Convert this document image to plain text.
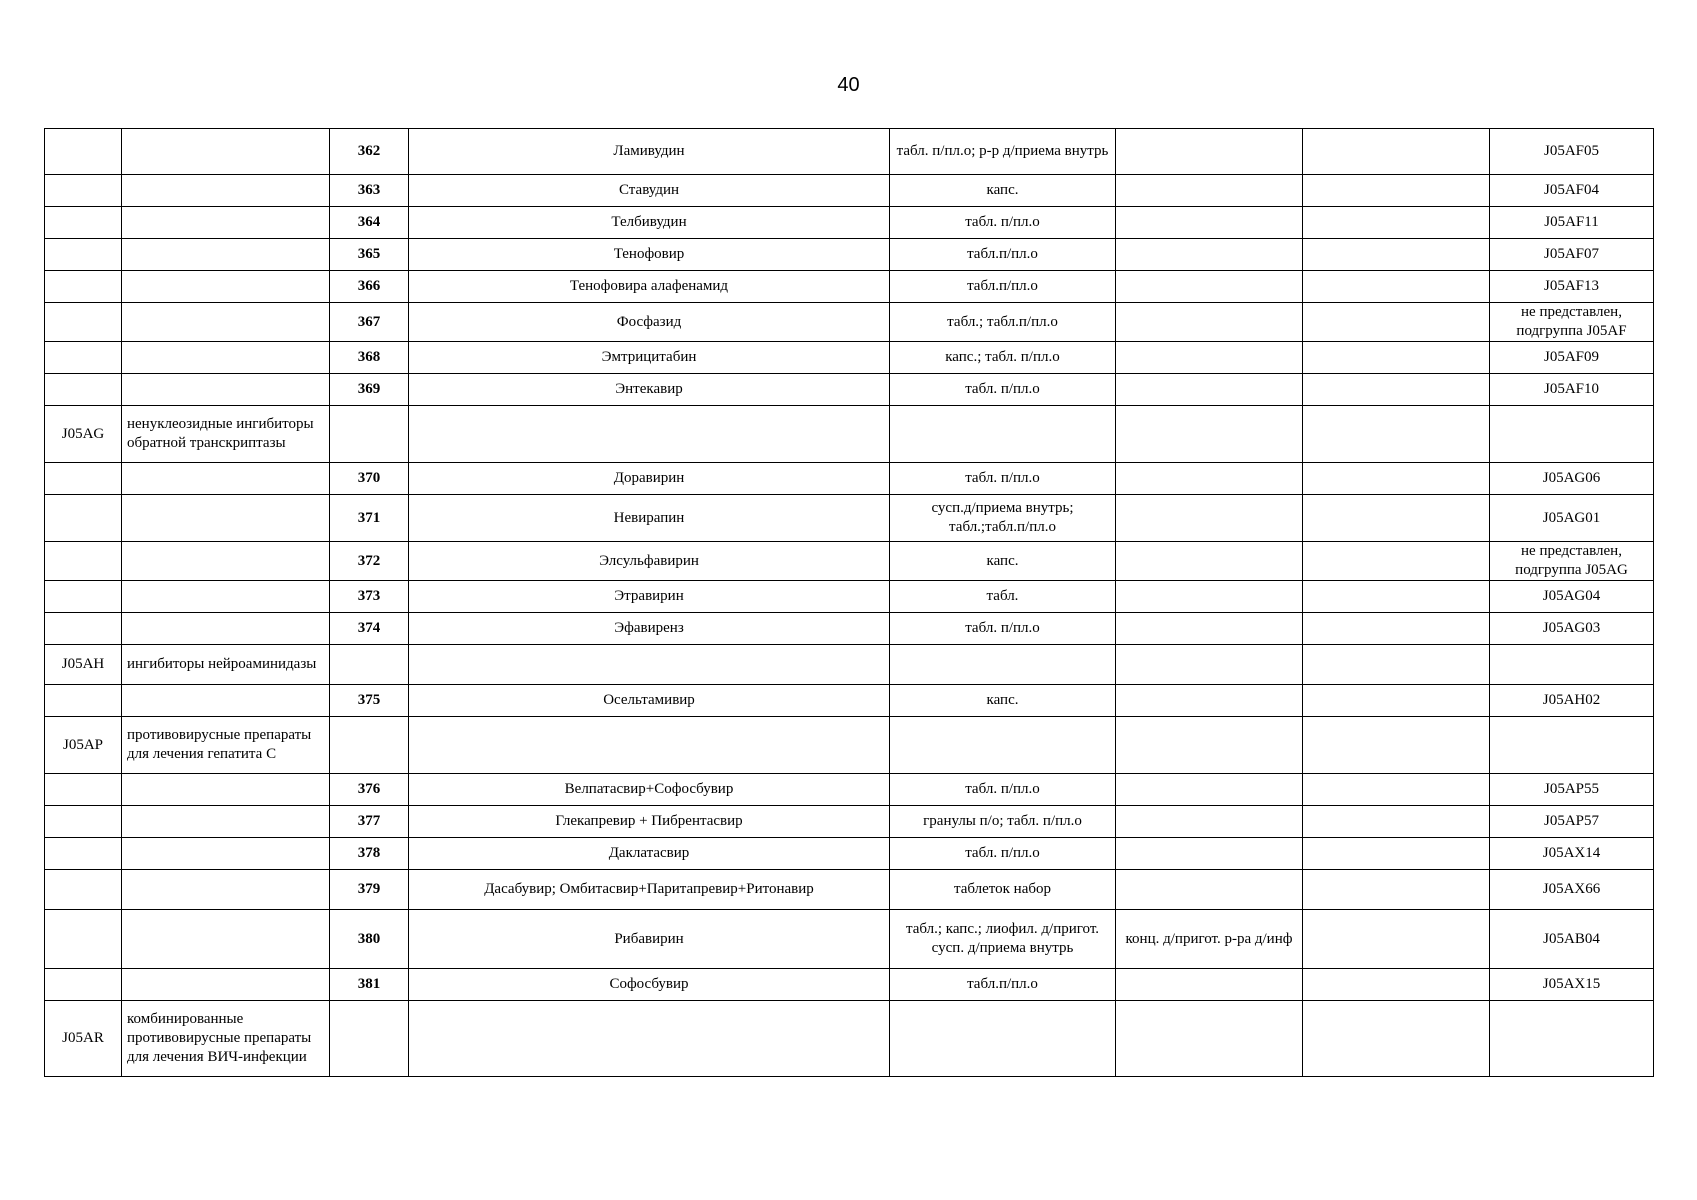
40
		362	Ламивудин	табл. п/пл.о; р-р д/приема внутрь			J05AF05
		363	Ставудин	капс.			J05AF04
		364	Телбивудин	табл. п/пл.о			J05AF11
		365	Тенофовир	табл.п/пл.о			J05AF07
		366	Тенофовира алафенамид	табл.п/пл.о			J05AF13
		367	Фосфазид	табл.; табл.п/пл.о			не представлен, подгруппа J05AF
		368	Эмтрицитабин	капс.; табл. п/пл.о			J05AF09
		369	Энтекавир	табл. п/пл.о			J05AF10
J05AG	ненуклеозидные ингибиторы обратной транскриптазы						
		370	Доравирин	табл. п/пл.о			J05AG06
		371	Невирапин	сусп.д/приема внутрь; табл.;табл.п/пл.о			J05AG01
		372	Элсульфавирин	капс.			не представлен, подгруппа J05AG
		373	Этравирин	табл.			J05AG04
		374	Эфавиренз	табл. п/пл.о			J05AG03
J05AH	ингибиторы нейроаминидазы						
		375	Осельтамивир	капс.			J05AH02
J05AP	противовирусные препараты для лечения гепатита С						
		376	Велпатасвир+Софосбувир	табл. п/пл.о			J05AP55
		377	Глекапревир + Пибрентасвир	гранулы п/о; табл. п/пл.о			J05AP57
		378	Даклатасвир	табл. п/пл.о			J05AX14
		379	Дасабувир; Омбитасвир+Паритапревир+Ритонавир	таблеток набор			J05AX66
		380	Рибавирин	табл.; капс.; лиофил. д/пригот. сусп. д/приема внутрь	конц. д/пригот. р-ра д/инф		J05AB04
		381	Софосбувир	табл.п/пл.о			J05AX15
J05AR	комбинированные противовирусные препараты для лечения ВИЧ-инфекции						
